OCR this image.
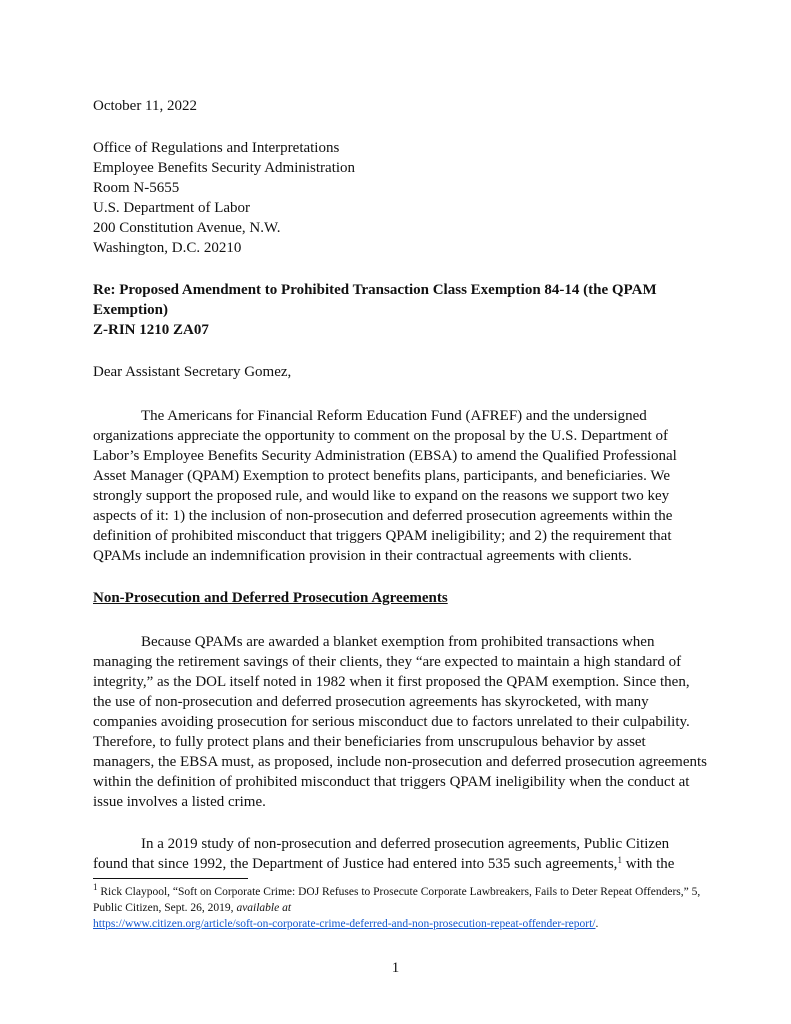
October 11, 2022
Office of Regulations and Interpretations
Employee Benefits Security Administration
Room N-5655
U.S. Department of Labor
200 Constitution Avenue, N.W.
Washington, D.C. 20210
Re: Proposed Amendment to Prohibited Transaction Class Exemption 84-14 (the QPAM Exemption)
Z-RIN 1210 ZA07
Dear Assistant Secretary Gomez,

The Americans for Financial Reform Education Fund (AFREF) and the undersigned organizations appreciate the opportunity to comment on the proposal by the U.S. Department of Labor’s Employee Benefits Security Administration (EBSA) to amend the Qualified Professional Asset Manager (QPAM) Exemption to protect benefits plans, participants, and beneficiaries. We strongly support the proposed rule, and would like to expand on the reasons we support two key aspects of it: 1) the inclusion of non-prosecution and deferred prosecution agreements within the definition of prohibited misconduct that triggers QPAM ineligibility; and 2) the requirement that QPAMs include an indemnification provision in their contractual agreements with clients.

Non-Prosecution and Deferred Prosecution Agreements

Because QPAMs are awarded a blanket exemption from prohibited transactions when managing the retirement savings of their clients, they “are expected to maintain a high standard of integrity,” as the DOL itself noted in 1982 when it first proposed the QPAM exemption. Since then, the use of non-prosecution and deferred prosecution agreements has skyrocketed, with many companies avoiding prosecution for serious misconduct due to factors unrelated to their culpability. Therefore, to fully protect plans and their beneficiaries from unscrupulous behavior by asset managers, the EBSA must, as proposed, include non-prosecution and deferred prosecution agreements within the definition of prohibited misconduct that triggers QPAM ineligibility when the conduct at issue involves a listed crime.

In a 2019 study of non-prosecution and deferred prosecution agreements, Public Citizen found that since 1992, the Department of Justice had entered into 535 such agreements,$^1$ with the

$^1$ Rick Claypool, “Soft on Corporate Crime: DOJ Refuses to Prosecute Corporate Lawbreakers, Fails to Deter Repeat Offenders,” 5, Public Citizen, Sept. 26, 2019, available at
https://www.citizen.org/article/soft-on-corporate-crime-deferred-and-non-prosecution-repeat-offender-report/.
1
